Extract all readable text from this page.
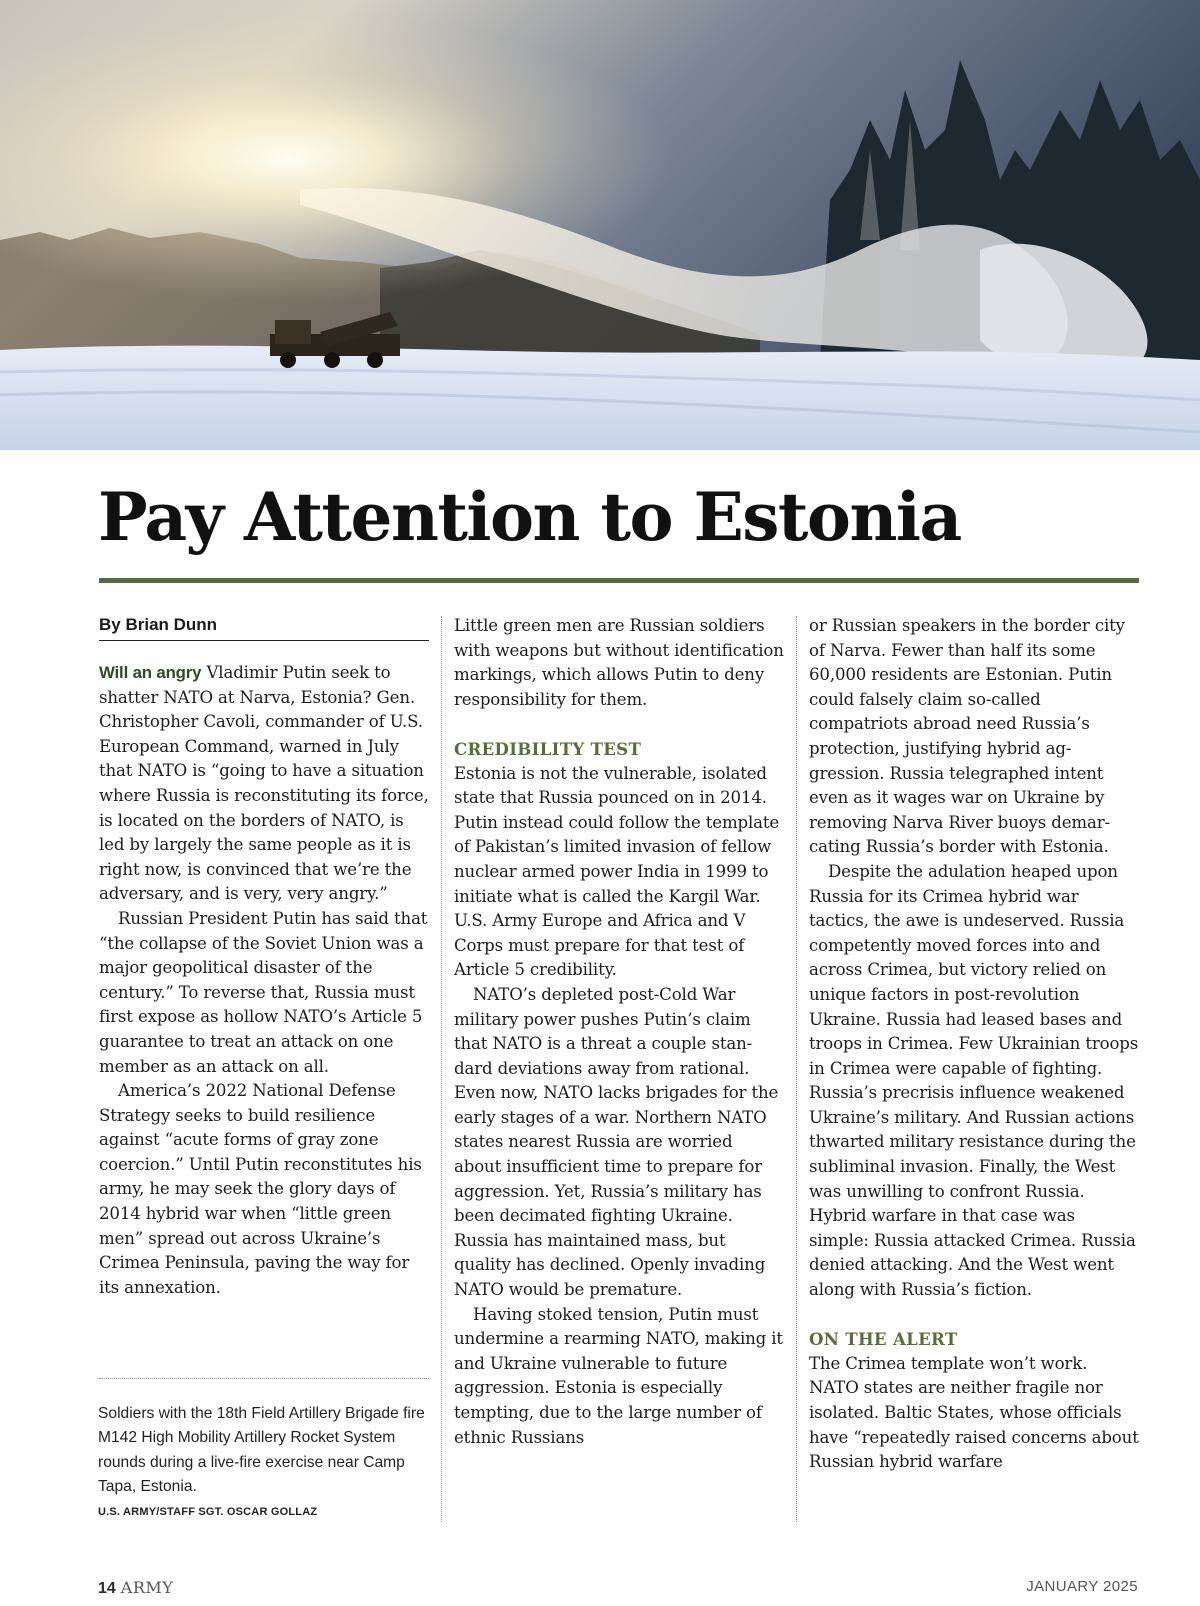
Pay Attention to Estonia
By Brian Dunn

Will an angry Vladimir Putin seek to shatter NATO at Narva, Estonia? Gen. Christopher Cavoli, commander of U.S. European Command, warned in July that NATO is “going to have a situation where Russia is reconstituting its force, is located on the borders of NATO, is led by largely the same people as it is right now, is convinced that we’re the adversary, and is very, very angry.”

Russian President Putin has said that “the collapse of the Soviet Union was a major geopolitical disaster of the century.” To reverse that, Russia must first expose as hollow NATO’s Article 5 guarantee to treat an attack on one member as an attack on all.

America’s 2022 National Defense Strategy seeks to build resilience against “acute forms of gray zone coercion.” Until Putin reconstitutes his army, he may seek the glory days of 2014 hybrid war when “little green men” spread out across Ukraine’s Crimea Peninsula, paving the way for its annexation.

Soldiers with the 18th Field Artillery Brigade fire M142 High Mobility Artillery Rocket System rounds during a live-fire exercise near Camp Tapa, Estonia.
U.S. ARMY/STAFF SGT. OSCAR GOLLAZ

Little green men are Russian soldiers with weapons but without identification markings, which allows Putin to deny responsibility for them.

CREDIBILITY TEST

Estonia is not the vulnerable, isolated state that Russia pounced on in 2014. Putin instead could follow the template of Pakistan’s limited invasion of fellow nuclear armed power India in 1999 to initiate what is called the Kargil War. U.S. Army Europe and Africa and V Corps must prepare for that test of Article 5 credibility.

NATO’s depleted post-Cold War military power pushes Putin’s claim that NATO is a threat a couple standard deviations away from rational. Even now, NATO lacks brigades for the early stages of a war. Northern NATO states nearest Russia are worried about insufficient time to prepare for aggression. Yet, Russia’s military has been decimated fighting Ukraine. Russia has maintained mass, but quality has declined. Openly invading NATO would be premature.

Having stoked tension, Putin must undermine a rearming NATO, making it and Ukraine vulnerable to future aggression. Estonia is especially tempting, due to the large number of ethnic Russians

or Russian speakers in the border city of Narva. Fewer than half its some 60,000 residents are Estonian. Putin could falsely claim so-called compatriots abroad need Russia’s protection, justifying hybrid aggression. Russia telegraphed intent even as it wages war on Ukraine by removing Narva River buoys demarcating Russia’s border with Estonia.

Despite the adulation heaped upon Russia for its Crimea hybrid war tactics, the awe is undeserved. Russia competently moved forces into and across Crimea, but victory relied on unique factors in post-revolution Ukraine. Russia had leased bases and troops in Crimea. Few Ukrainian troops in Crimea were capable of fighting. Russia’s precrisis influence weakened Ukraine’s military. And Russian actions thwarted military resistance during the subliminal invasion. Finally, the West was unwilling to confront Russia. Hybrid warfare in that case was simple: Russia attacked Crimea. Russia denied attacking. And the West went along with Russia’s fiction.

ON THE ALERT

The Crimea template won’t work. NATO states are neither fragile nor isolated. Baltic States, whose officials have “repeatedly raised concerns about Russian hybrid warfare

14 ARMY	JANUARY 2025
